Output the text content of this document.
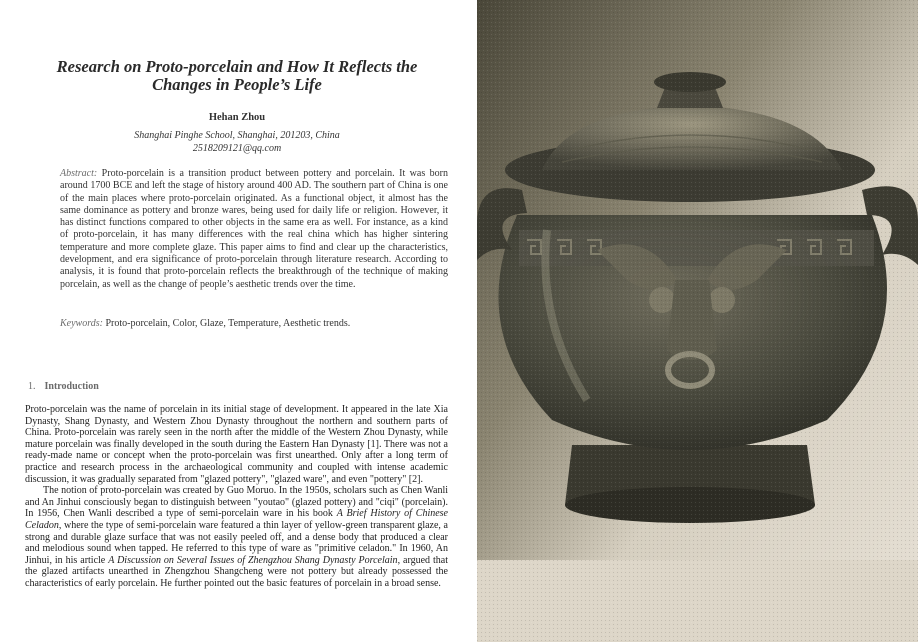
Research on Proto-porcelain and How It Reflects the Changes in People’s Life
Hehan Zhou
Shanghai Pinghe School, Shanghai, 201203, China
2518209121@qq.com

Abstract: Proto-porcelain is a transition product between pottery and porcelain. It was born around 1700 BCE and left the stage of history around 400 AD. The southern part of China is one of the main places where proto-porcelain originated. As a functional object, it almost has the same dominance as pottery and bronze wares, being used for daily life or religion. However, it has distinct functions compared to other objects in the same era as well. For instance, as a kind of proto-porcelain, it has many differences with the real china which has higher sintering temperature and more complete glaze. This paper aims to find and clear up the characteristics, development, and era significance of proto-porcelain through literature research. According to analysis, it is found that proto-porcelain reflects the breakthrough of the technique of making porcelain, as well as the change of people’s aesthetic trends over the time.

Keywords: Proto-porcelain, Color, Glaze, Temperature, Aesthetic trends.

1. Introduction

Proto-porcelain was the name of porcelain in its initial stage of development. It appeared in the late Xia Dynasty, Shang Dynasty, and Western Zhou Dynasty throughout the northern and southern parts of China. Proto-porcelain was rarely seen in the north after the middle of the Western Zhou Dynasty, while mature porcelain was finally developed in the south during the Eastern Han Dynasty [1]. There was not a ready-made name or concept when the proto-porcelain was first unearthed. Only after a long term of practice and research process in the archaeological community and coupled with intense academic discussion, it was gradually separated from "glazed pottery", "glazed ware", and even "pottery" [2].

The notion of proto-porcelain was created by Guo Moruo. In the 1950s, scholars such as Chen Wanli and An Jinhui consciously began to distinguish between "youtao" (glazed pottery) and "ciqi" (porcelain). In 1956, Chen Wanli described a type of semi-porcelain ware in his book A Brief History of Chinese Celadon, where the type of semi-porcelain ware featured a thin layer of yellow-green transparent glaze, a strong and durable glaze surface that was not easily peeled off, and a dense body that produced a clear and melodious sound when tapped. He referred to this type of ware as "primitive celadon." In 1960, An Jinhui, in his article A Discussion on Several Issues of Zhengzhou Shang Dynasty Porcelain, argued that the glazed artifacts unearthed in Zhengzhou Shangcheng were not pottery but already possessed the characteristics of early porcelain. He further pointed out the basic features of porcelain in a broad sense.
